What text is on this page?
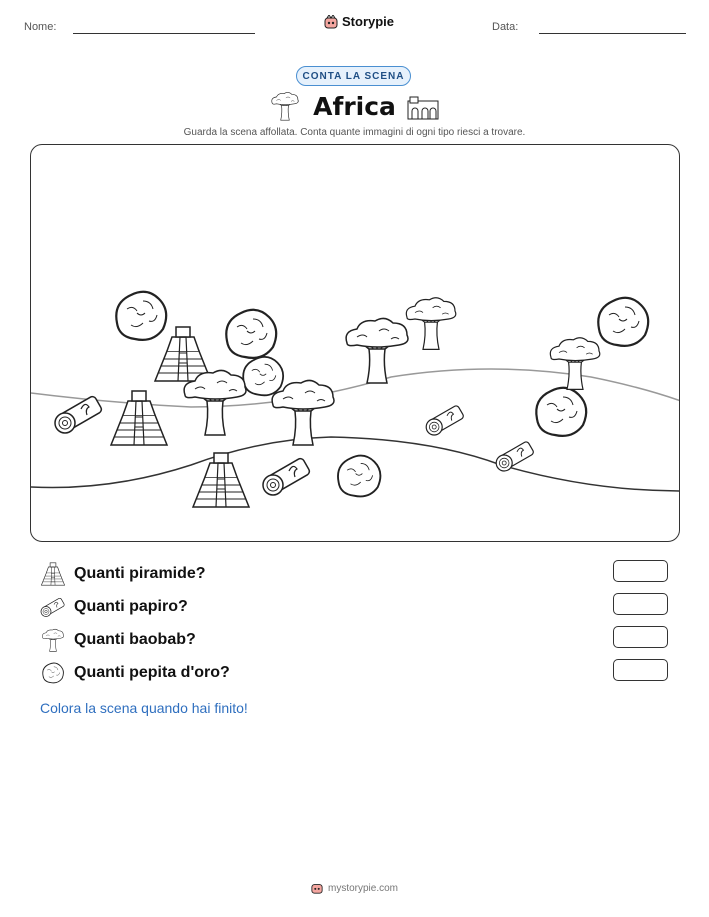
Nome:	Storypie	Data:
CONTA LA SCENA
Africa
Guarda la scena affollata. Conta quante immagini di ogni tipo riesci a trovare.
Quanti piramide?
Quanti papiro?
Quanti baobab?
Quanti pepita d'oro?
Colora la scena quando hai finito!
mystorypie.com
